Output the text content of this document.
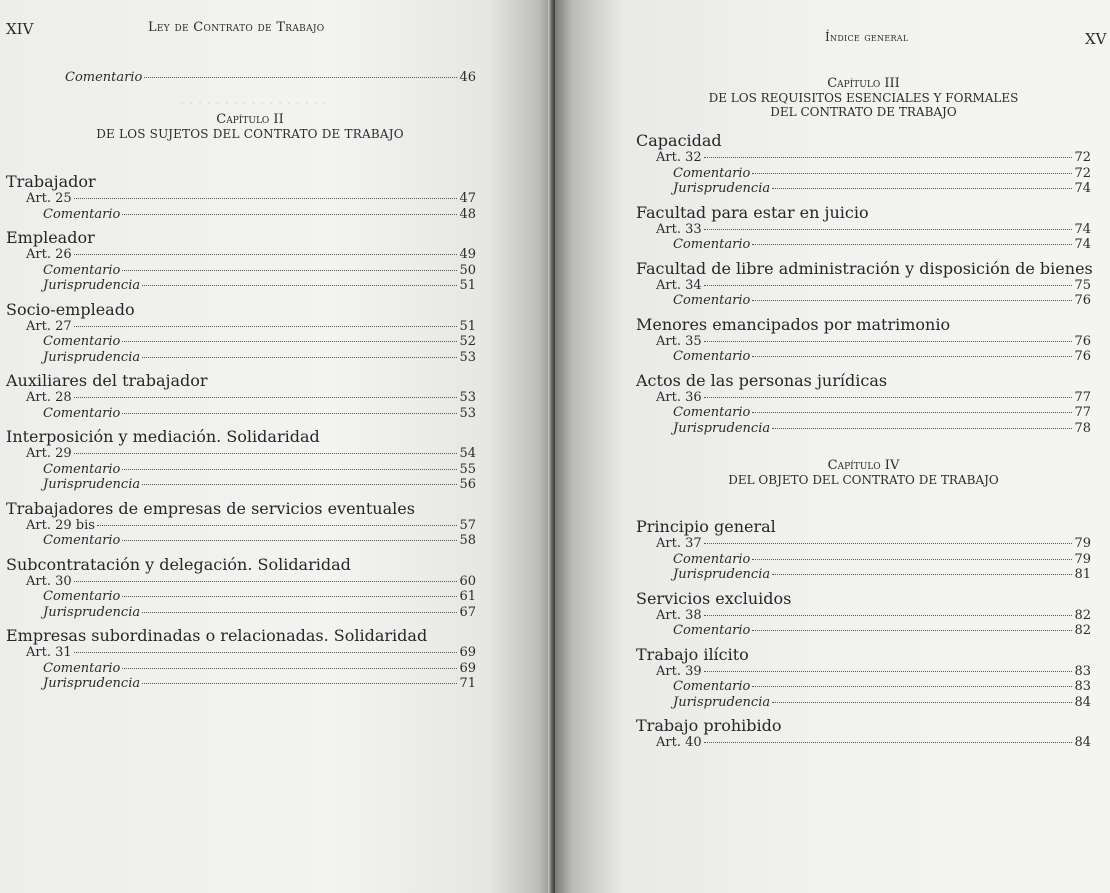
. . . . . . . . . . . . . . . . .
XIV	Ley de Contrato de Trabajo
Comentario	46
Capítulo II
DE LOS SUJETOS DEL CONTRATO DE TRABAJO
Trabajador
Art. 25	47
Comentario	48
Empleador
Art. 26	49
Comentario	50
Jurisprudencia	51
Socio-empleado
Art. 27	51
Comentario	52
Jurisprudencia	53
Auxiliares del trabajador
Art. 28	53
Comentario	53
Interposición y mediación. Solidaridad
Art. 29	54
Comentario	55
Jurisprudencia	56
Trabajadores de empresas de servicios eventuales
Art. 29 bis	57
Comentario	58
Subcontratación y delegación. Solidaridad
Art. 30	60
Comentario	61
Jurisprudencia	67
Empresas subordinadas o relacionadas. Solidaridad
Art. 31	69
Comentario	69
Jurisprudencia	71
Índice general	XV
Capítulo III
DE LOS REQUISITOS ESENCIALES Y FORMALES
DEL CONTRATO DE TRABAJO
Capacidad
Art. 32	72
Comentario	72
Jurisprudencia	74
Facultad para estar en juicio
Art. 33	74
Comentario	74
Facultad de libre administración y disposición de bienes
Art. 34	75
Comentario	76
Menores emancipados por matrimonio
Art. 35	76
Comentario	76
Actos de las personas jurídicas
Art. 36	77
Comentario	77
Jurisprudencia	78
Capítulo IV
DEL OBJETO DEL CONTRATO DE TRABAJO
Principio general
Art. 37	79
Comentario	79
Jurisprudencia	81
Servicios excluidos
Art. 38	82
Comentario	82
Trabajo ilícito
Art. 39	83
Comentario	83
Jurisprudencia	84
Trabajo prohibido
Art. 40	84
